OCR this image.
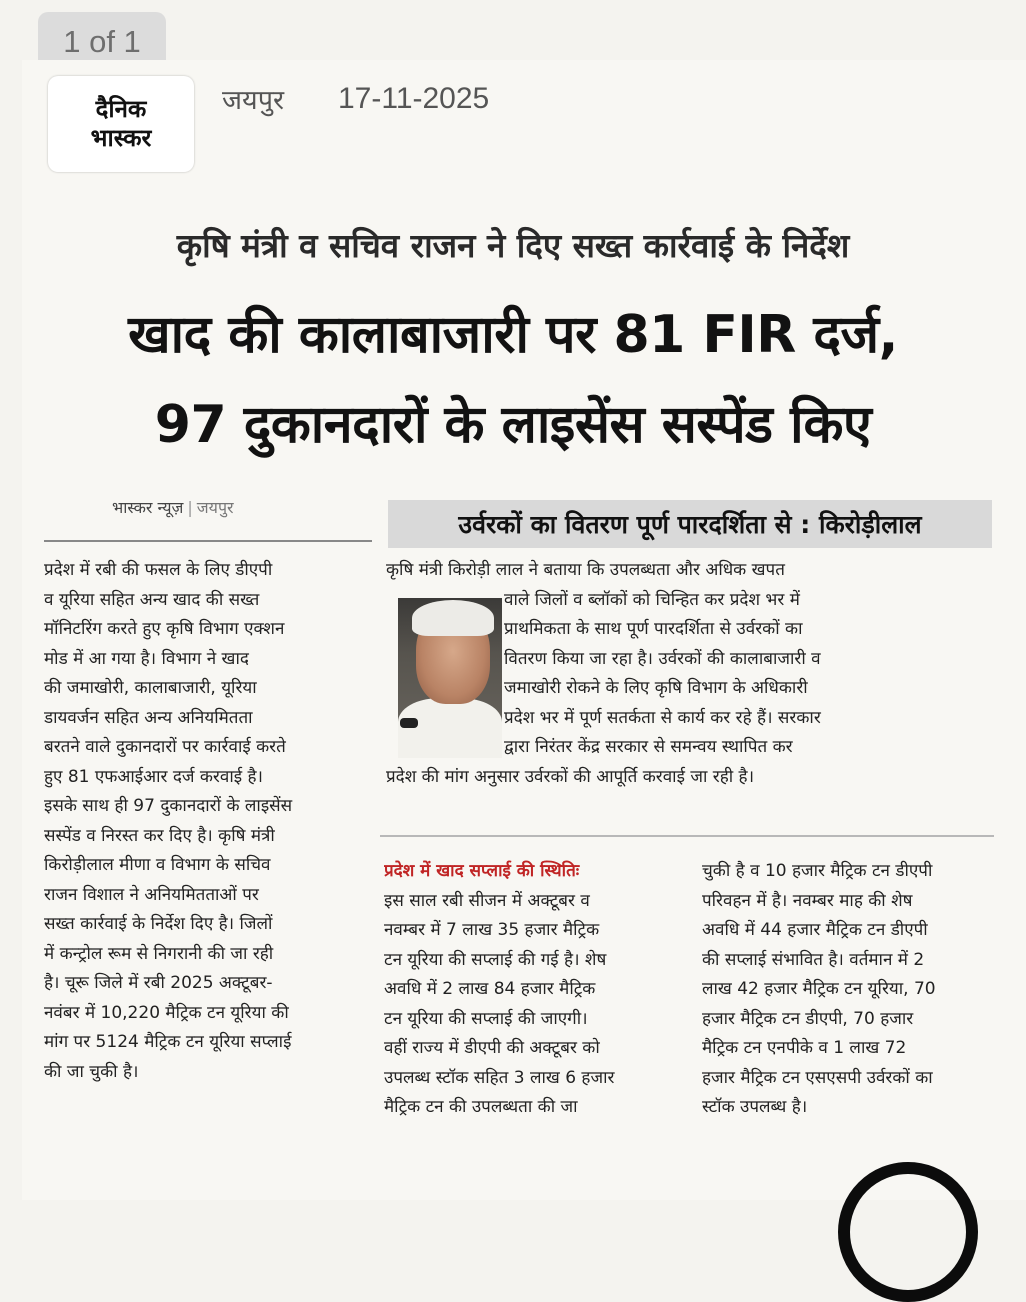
1 of 1
दैनिक
भास्कर
जयपुर 17-11-2025
कृषि मंत्री व सचिव राजन ने दिए सख्त कार्रवाई के निर्देश
खाद की कालाबाजारी पर 81 FIR दर्ज,
97 दुकानदारों के लाइसेंस सस्पेंड किए
भास्कर न्यूज़ | जयपुर
उर्वरकों का वितरण पूर्ण पारदर्शिता से : किरोड़ीलाल
प्रदेश में रबी की फसल के लिए डीएपी
व यूरिया सहित अन्य खाद की सख्त
मॉनिटरिंग करते हुए कृषि विभाग एक्शन
मोड में आ गया है। विभाग ने खाद
की जमाखोरी, कालाबाजारी, यूरिया
डायवर्जन सहित अन्य अनियमितता
बरतने वाले दुकानदारों पर कार्रवाई करते
हुए 81 एफआईआर दर्ज करवाई है।
इसके साथ ही 97 दुकानदारों के लाइसेंस
सस्पेंड व निरस्त कर दिए है। कृषि मंत्री
किरोड़ीलाल मीणा व विभाग के सचिव
राजन विशाल ने अनियमितताओं पर
सख्त कार्रवाई के निर्देश दिए है। जिलों
में कन्ट्रोल रूम से निगरानी की जा रही
है। चूरू जिले में रबी 2025 अक्टूबर-
नवंबर में 10,220 मैट्रिक टन यूरिया की
मांग पर 5124 मैट्रिक टन यूरिया सप्लाई
की जा चुकी है।
कृषि मंत्री किरोड़ी लाल ने बताया कि उपलब्धता और अधिक खपत
वाले जिलों व ब्लॉकों को चिन्हित कर प्रदेश भर में
प्राथमिकता के साथ पूर्ण पारदर्शिता से उर्वरकों का
वितरण किया जा रहा है। उर्वरकों की कालाबाजारी व
जमाखोरी रोकने के लिए कृषि विभाग के अधिकारी
प्रदेश भर में पूर्ण सतर्कता से कार्य कर रहे हैं। सरकार
द्वारा निरंतर केंद्र सरकार से समन्वय स्थापित कर
प्रदेश की मांग अनुसार उर्वरकों की आपूर्ति करवाई जा रही है।
प्रदेश में खाद सप्लाई की स्थितिः
इस साल रबी सीजन में अक्टूबर व
नवम्बर में 7 लाख 35 हजार मैट्रिक
टन यूरिया की सप्लाई की गई है। शेष
अवधि में 2 लाख 84 हजार मैट्रिक
टन यूरिया की सप्लाई की जाएगी।
वहीं राज्य में डीएपी की अक्टूबर को
उपलब्ध स्टॉक सहित 3 लाख 6 हजार
मैट्रिक टन की उपलब्धता की जा
चुकी है व 10 हजार मैट्रिक टन डीएपी
परिवहन में है। नवम्बर माह की शेष
अवधि में 44 हजार मैट्रिक टन डीएपी
की सप्लाई संभावित है। वर्तमान में 2
लाख 42 हजार मैट्रिक टन यूरिया, 70
हजार मैट्रिक टन डीएपी, 70 हजार
मैट्रिक टन एनपीके व 1 लाख 72
हजार मैट्रिक टन एसएसपी उर्वरकों का
स्टॉक उपलब्ध है।
